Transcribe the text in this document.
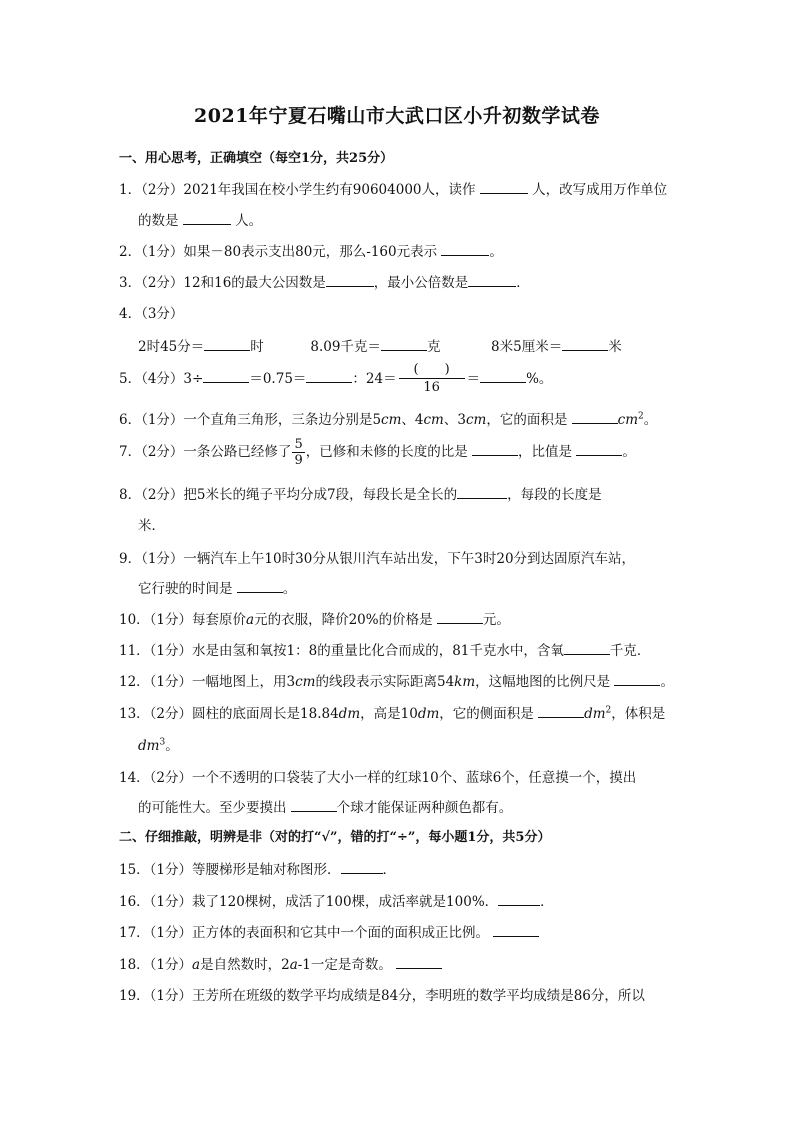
2021年宁夏石嘴山市大武口区小升初数学试卷
一、用心思考，正确填空（每空1分，共25分）
1．（2分）2021年我国在校小学生约有90604000人，读作	人，改写成用万作单位
的数是	人。
2．（1分）如果－80表示支出80元，那么-160元表示	。
3．（2分）12和16的最大公因数是	，最小公倍数是	．
4．（3分）
2时45分＝	时	8.09千克＝	克	8米5厘米＝	米
5．（4分）3÷	＝0.75＝	：24＝
(　　)
16
＝	%。
6．（1分）一个直角三角形，三条边分别是5cm、4cm、3cm，它的面积是	$cm^2$。
7．（2分）一条公路已经修了 $\frac{5}{9}$ ，已修和未修的长度的比是	，比值是	。
8．（2分）把5米长的绳子平均分成7段，每段长是全长的	，每段的长度是
米．
9．（1分）一辆汽车上午10时30分从银川汽车站出发，下午3时20分到达固原汽车站，
它行驶的时间是	。
10．（1分）每套原价a元的衣服，降价20%的价格是	元。
11．（1分）水是由氢和氧按1：8的重量比化合而成的，81千克水中，含氧	千克．
12．（1分）一幅地图上，用3cm的线段表示实际距离54km，这幅地图的比例尺是	。
13．（2分）圆柱的底面周长是18.84dm，高是10dm，它的侧面积是	$dm^2$，体积是
$dm^3$。
14．（2分）一个不透明的口袋装了大小一样的红球10个、蓝球6个，任意摸一个，摸出
的可能性大。至少要摸出	个球才能保证两种颜色都有。
二、仔细推敲，明辨是非（对的打“√”，错的打“÷”，每小题1分，共5分）
15．（1分）等腰梯形是轴对称图形．	．
16．（1分）栽了120棵树，成活了100棵，成活率就是100%．	．
17．（1分）正方体的表面积和它其中一个面的面积成正比例。
18．（1分）a是自然数时，2a-1一定是奇数。
19．（1分）王芳所在班级的数学平均成绩是84分，李明班的数学平均成绩是86分，所以
